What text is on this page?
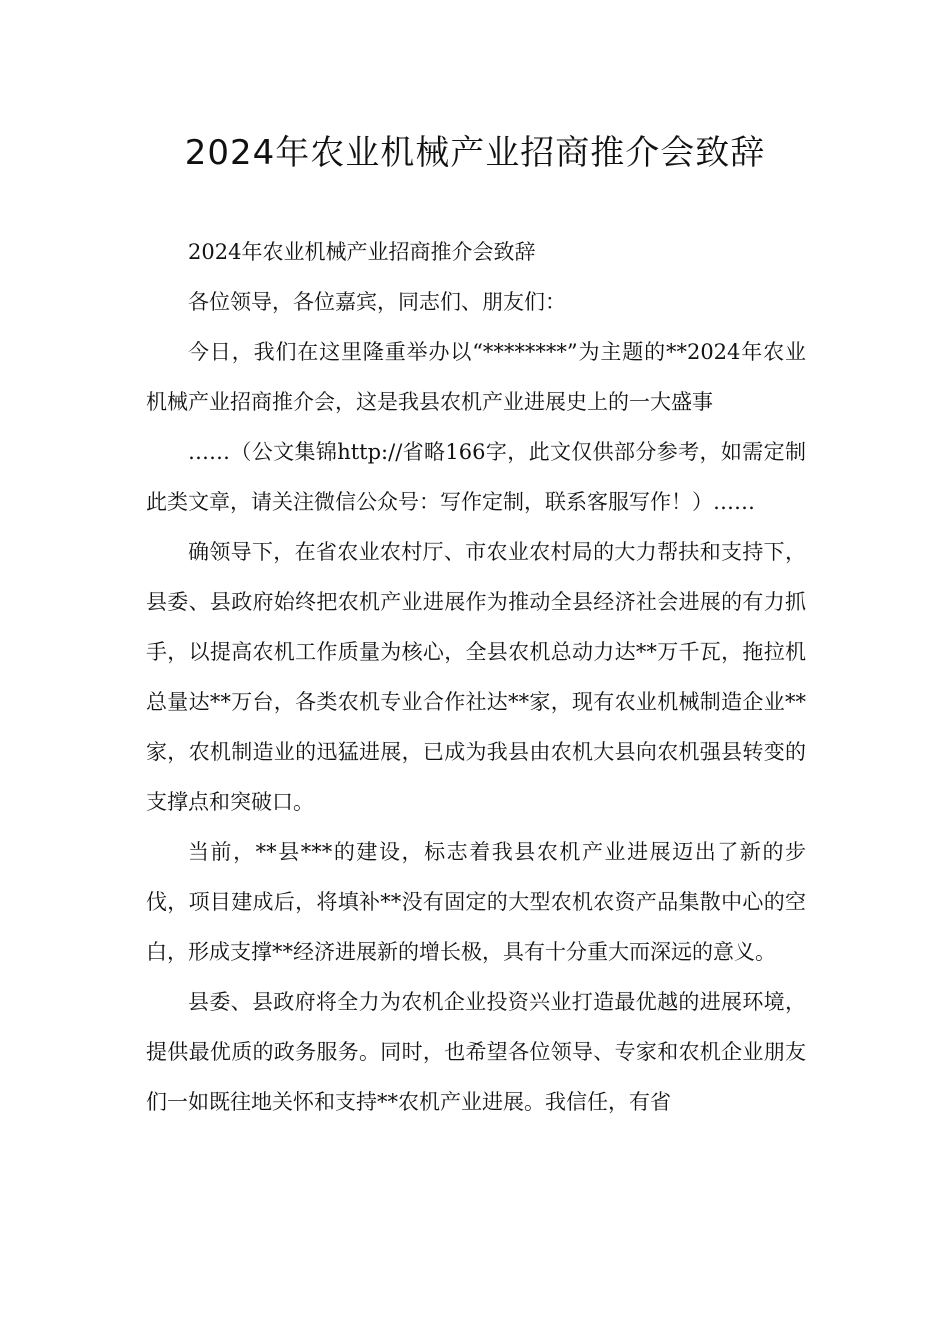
2024年农业机械产业招商推介会致辞

2024年农业机械产业招商推介会致辞

各位领导，各位嘉宾，同志们、朋友们：

今日，我们在这里隆重举办以“********”为主题的**2024年农业机械产业招商推介会，这是我县农机产业进展史上的一大盛事

……（公文集锦http://省略166字，此文仅供部分参考，如需定制此类文章，请关注微信公众号：写作定制，联系客服写作！）……

确领导下，在省农业农村厅、市农业农村局的大力帮扶和支持下，县委、县政府始终把农机产业进展作为推动全县经济社会进展的有力抓手，以提高农机工作质量为核心，全县农机总动力达**万千瓦，拖拉机总量达**万台，各类农机专业合作社达**家，现有农业机械制造企业**家，农机制造业的迅猛进展，已成为我县由农机大县向农机强县转变的支撑点和突破口。

当前，**县***的建设，标志着我县农机产业进展迈出了新的步伐，项目建成后，将填补**没有固定的大型农机农资产品集散中心的空白，形成支撑**经济进展新的增长极，具有十分重大而深远的意义。

县委、县政府将全力为农机企业投资兴业打造最优越的进展环境，提供最优质的政务服务。同时，也希望各位领导、专家和农机企业朋友们一如既往地关怀和支持**农机产业进展。我信任，有省
